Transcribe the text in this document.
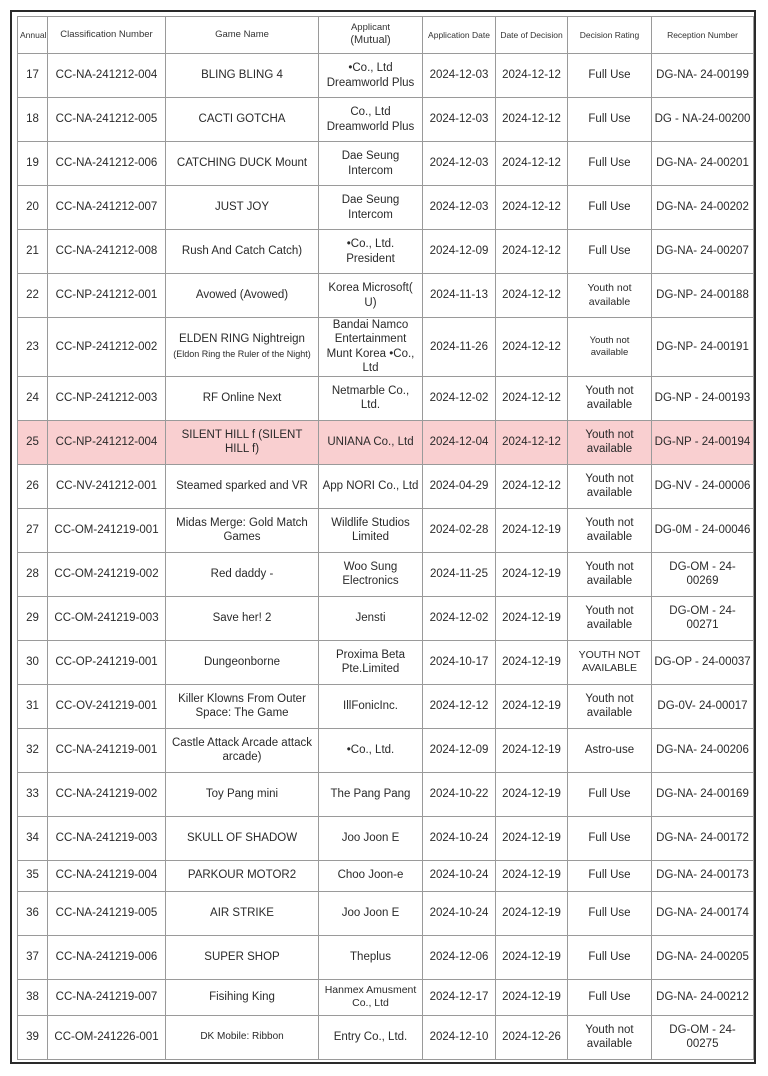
Annual	Classification Number	Game Name	Applicant
(Mutual)	Application Date	Date of Decision	Decision Rating	Reception Number
17	CC-NA-241212-004	BLING BLING 4	•Co., Ltd Dreamworld Plus	2024-12-03	2024-12-12	Full Use	DG-NA- 24-00199
18	CC-NA-241212-005	CACTI GOTCHA	Co., Ltd Dreamworld Plus	2024-12-03	2024-12-12	Full Use	DG - NA-24-00200
19	CC-NA-241212-006	CATCHING DUCK Mount	Dae Seung Intercom	2024-12-03	2024-12-12	Full Use	DG-NA- 24-00201
20	CC-NA-241212-007	JUST JOY	Dae Seung Intercom	2024-12-03	2024-12-12	Full Use	DG-NA- 24-00202
21	CC-NA-241212-008	Rush And Catch Catch)	•Co., Ltd. President	2024-12-09	2024-12-12	Full Use	DG-NA- 24-00207
22	CC-NP-241212-001	Avowed (Avowed)	Korea Microsoft( U)	2024-11-13	2024-12-12	Youth not available	DG-NP- 24-00188
23	CC-NP-241212-002	ELDEN RING Nightreign
(Eldon Ring the Ruler of the Night)	Bandai Namco Entertainment Munt Korea •Co., Ltd	2024-11-26	2024-12-12	Youth not available	DG-NP- 24-00191
24	CC-NP-241212-003	RF Online Next	Netmarble Co., Ltd.	2024-12-02	2024-12-12	Youth not available	DG-NP - 24-00193
25	CC-NP-241212-004	SILENT HILL f (SILENT HILL f)	UNIANA Co., Ltd	2024-12-04	2024-12-12	Youth not available	DG-NP - 24-00194
26	CC-NV-241212-001	Steamed sparked and VR	App NORI Co., Ltd	2024-04-29	2024-12-12	Youth not available	DG-NV - 24-00006
27	CC-OM-241219-001	Midas Merge: Gold Match Games	Wildlife Studios Limited	2024-02-28	2024-12-19	Youth not available	DG-0M - 24-00046
28	CC-OM-241219-002	Red daddy -	Woo Sung Electronics	2024-11-25	2024-12-19	Youth not available	DG-OM - 24-00269
29	CC-OM-241219-003	Save her! 2	Jensti	2024-12-02	2024-12-19	Youth not available	DG-OM - 24-00271
30	CC-OP-241219-001	Dungeonborne	Proxima Beta Pte.Limited	2024-10-17	2024-12-19	YOUTH NOT AVAILABLE	DG-OP - 24-00037
31	CC-OV-241219-001	Killer Klowns From Outer Space: The Game	IllFonicInc.	2024-12-12	2024-12-19	Youth not available	DG-0V- 24-00017
32	CC-NA-241219-001	Castle Attack Arcade attack arcade)	•Co., Ltd.	2024-12-09	2024-12-19	Astro-use	DG-NA- 24-00206
33	CC-NA-241219-002	Toy Pang mini	The Pang Pang	2024-10-22	2024-12-19	Full Use	DG-NA- 24-00169
34	CC-NA-241219-003	SKULL OF SHADOW	Joo Joon E	2024-10-24	2024-12-19	Full Use	DG-NA- 24-00172
35	CC-NA-241219-004	PARKOUR MOTOR2	Choo Joon-e	2024-10-24	2024-12-19	Full Use	DG-NA- 24-00173
36	CC-NA-241219-005	AIR STRIKE	Joo Joon E	2024-10-24	2024-12-19	Full Use	DG-NA- 24-00174
37	CC-NA-241219-006	SUPER SHOP	Theplus	2024-12-06	2024-12-19	Full Use	DG-NA- 24-00205
38	CC-NA-241219-007	Fisihing King	Hanmex Amusment Co., Ltd	2024-12-17	2024-12-19	Full Use	DG-NA- 24-00212
39	CC-OM-241226-001	DK Mobile: Ribbon	Entry Co., Ltd.	2024-12-10	2024-12-26	Youth not available	DG-OM - 24-00275
